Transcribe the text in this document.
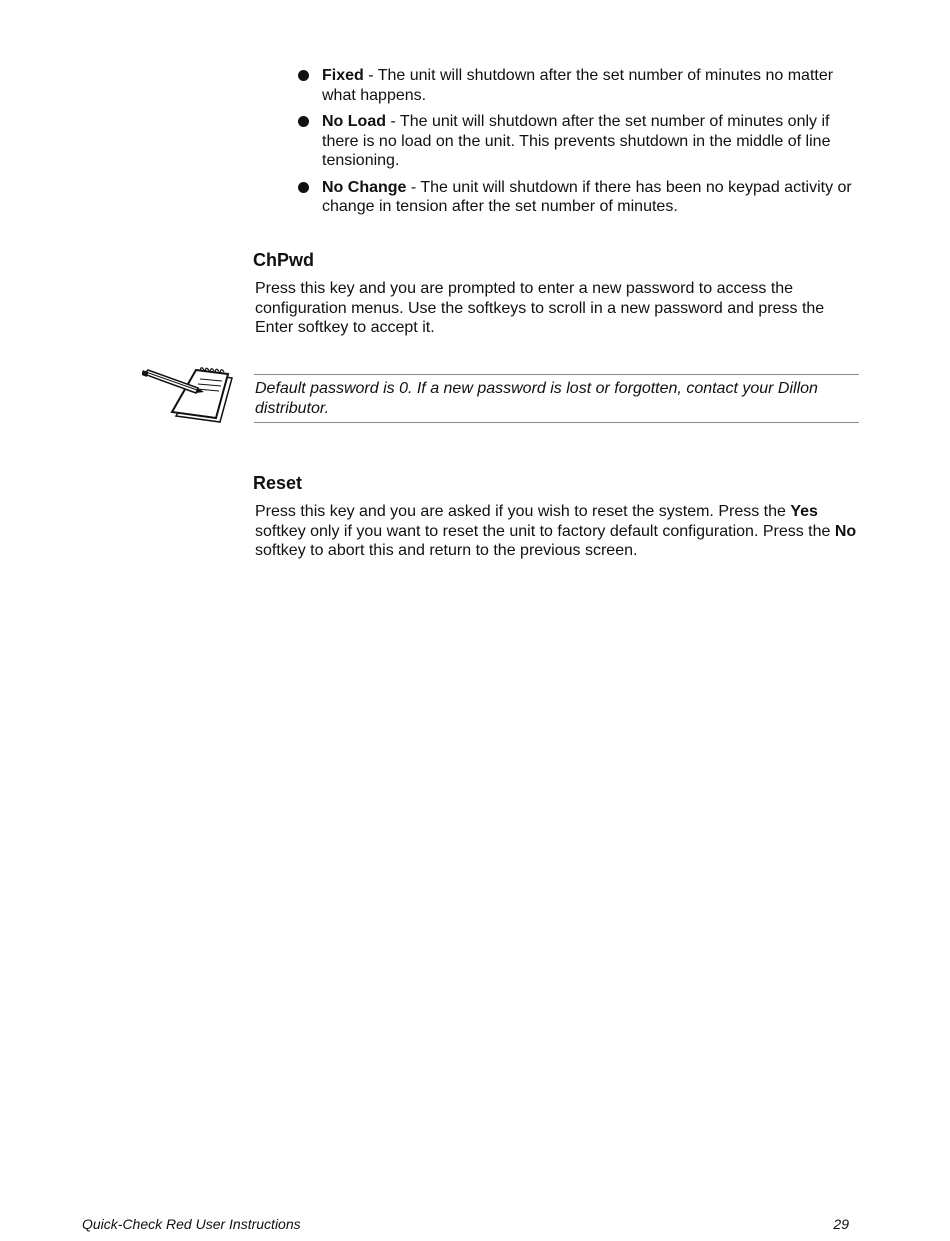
Fixed - The unit will shutdown after the set number of minutes no matter what happens.
No Load - The unit will shutdown after the set number of minutes only if there is no load on the unit. This prevents shutdown in the middle of line tensioning.
No Change - The unit will shutdown if there has been no keypad activity or change in tension after the set number of minutes.
ChPwd

Press this key and you are prompted to enter a new password to access the configuration menus. Use the softkeys to scroll in a new password and press the Enter softkey to accept it.

Default password is 0. If a new password is lost or forgotten, contact your Dillon distributor.

Reset

Press this key and you are asked if you wish to reset the system. Press the Yes softkey only if you want to reset the unit to factory default configuration. Press the No softkey to abort this and return to the previous screen.

Quick-Check Red User Instructions	29
